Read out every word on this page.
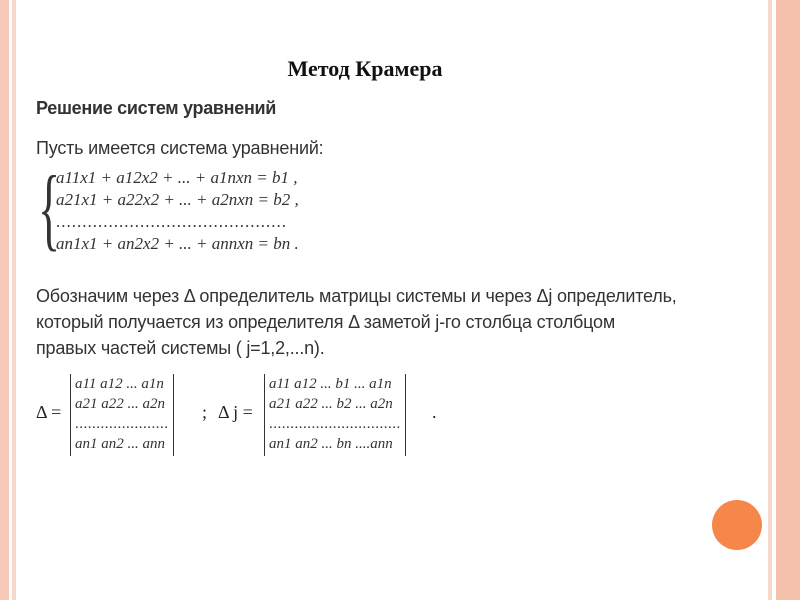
Метод Крамера
Решение систем уравнений
Пусть имеется система уравнений:
{
a11x1 + a12x2 + ... + a1nxn = b1 ,
a21x1 + a22x2 + ... + a2nxn = b2 ,
............................................
an1x1 + an2x2 + ... + annxn = bn .
Обозначим через Δ определитель матрицы системы и через Δj определитель,
который получается из определителя Δ заметой j-го столбца столбцом
правых частей системы ( j=1,2,...n).
Δ =
a11 a12 ... a1n
a21 a22 ... a2n
......................
an1 an2 ... ann
; Δ j =
a11 a12 ... b1 ... a1n
a21 a22 ... b2 ... a2n
...............................
an1 an2 ... bn ....ann
.
